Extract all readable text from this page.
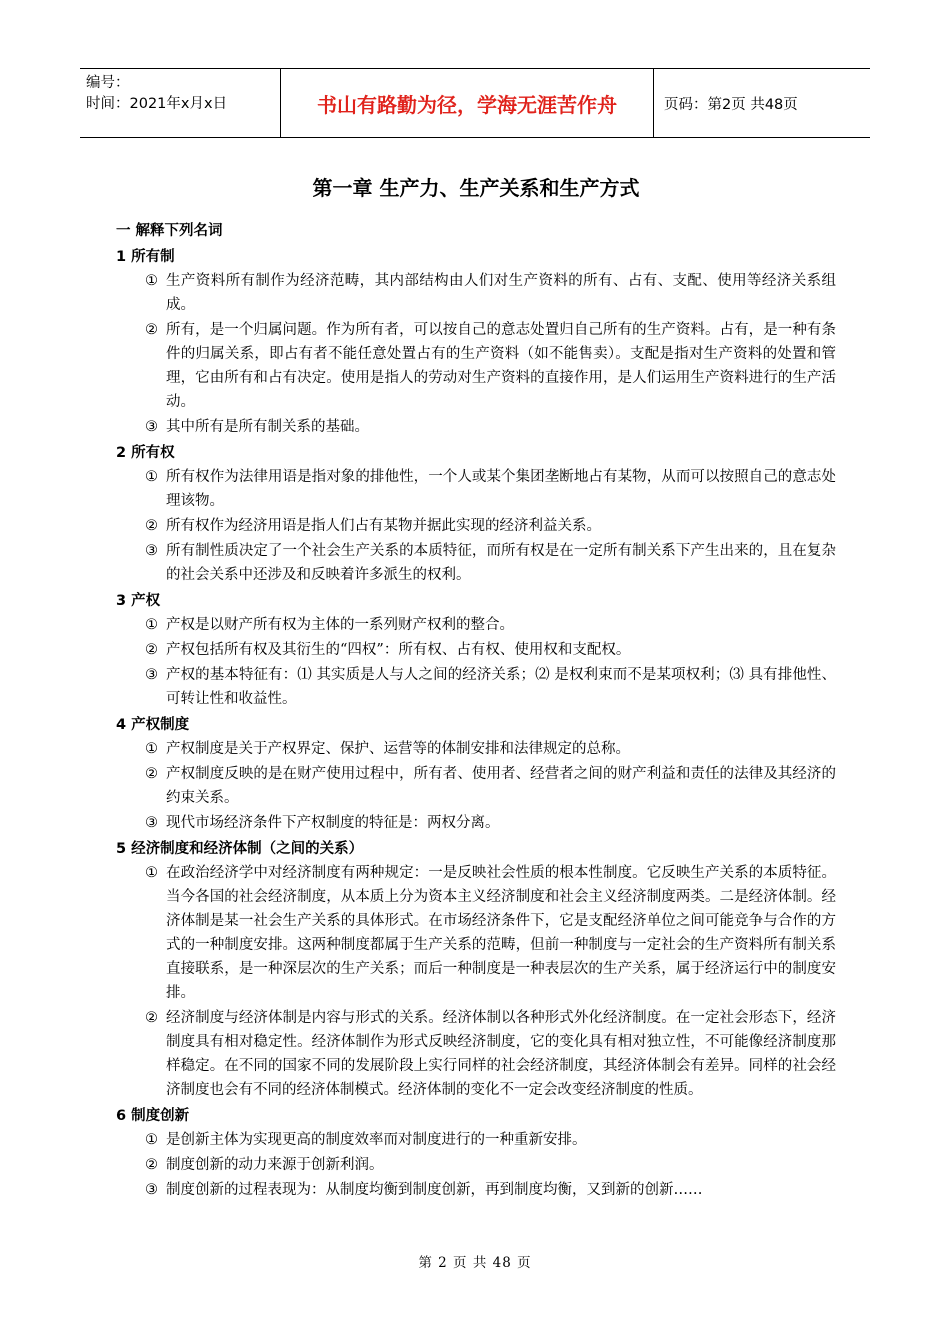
编号：
时间：2021年x月x日	书山有路勤为径，学海无涯苦作舟	页码：第2页 共48页
第一章 生产力、生产关系和生产方式
一 解释下列名词
1 所有制
① 生产资料所有制作为经济范畴，其内部结构由人们对生产资料的所有、占有、支配、使用等经济关系组成。
② 所有，是一个归属问题。作为所有者，可以按自己的意志处置归自己所有的生产资料。占有，是一种有条件的归属关系，即占有者不能任意处置占有的生产资料（如不能售卖）。支配是指对生产资料的处置和管理，它由所有和占有决定。使用是指人的劳动对生产资料的直接作用，是人们运用生产资料进行的生产活动。
③ 其中所有是所有制关系的基础。
2 所有权
① 所有权作为法律用语是指对象的排他性，一个人或某个集团垄断地占有某物，从而可以按照自己的意志处理该物。
② 所有权作为经济用语是指人们占有某物并据此实现的经济利益关系。
③ 所有制性质决定了一个社会生产关系的本质特征，而所有权是在一定所有制关系下产生出来的，且在复杂的社会关系中还涉及和反映着许多派生的权利。
3 产权
① 产权是以财产所有权为主体的一系列财产权利的整合。
② 产权包括所有权及其衍生的“四权”：所有权、占有权、使用权和支配权。
③ 产权的基本特征有：⑴ 其实质是人与人之间的经济关系；⑵ 是权利束而不是某项权利；⑶ 具有排他性、可转让性和收益性。
4 产权制度
① 产权制度是关于产权界定、保护、运营等的体制安排和法律规定的总称。
② 产权制度反映的是在财产使用过程中，所有者、使用者、经营者之间的财产利益和责任的法律及其经济的约束关系。
③ 现代市场经济条件下产权制度的特征是：两权分离。
5 经济制度和经济体制（之间的关系）
① 在政治经济学中对经济制度有两种规定：一是反映社会性质的根本性制度。它反映生产关系的本质特征。当今各国的社会经济制度，从本质上分为资本主义经济制度和社会主义经济制度两类。二是经济体制。经济体制是某一社会生产关系的具体形式。在市场经济条件下，它是支配经济单位之间可能竞争与合作的方式的一种制度安排。这两种制度都属于生产关系的范畴，但前一种制度与一定社会的生产资料所有制关系直接联系，是一种深层次的生产关系；而后一种制度是一种表层次的生产关系，属于经济运行中的制度安排。
② 经济制度与经济体制是内容与形式的关系。经济体制以各种形式外化经济制度。在一定社会形态下，经济制度具有相对稳定性。经济体制作为形式反映经济制度，它的变化具有相对独立性，不可能像经济制度那样稳定。在不同的国家不同的发展阶段上实行同样的社会经济制度，其经济体制会有差异。同样的社会经济制度也会有不同的经济体制模式。经济体制的变化不一定会改变经济制度的性质。
6 制度创新
① 是创新主体为实现更高的制度效率而对制度进行的一种重新安排。
② 制度创新的动力来源于创新利润。
③ 制度创新的过程表现为：从制度均衡到制度创新，再到制度均衡，又到新的创新……
第 2 页 共 48 页
